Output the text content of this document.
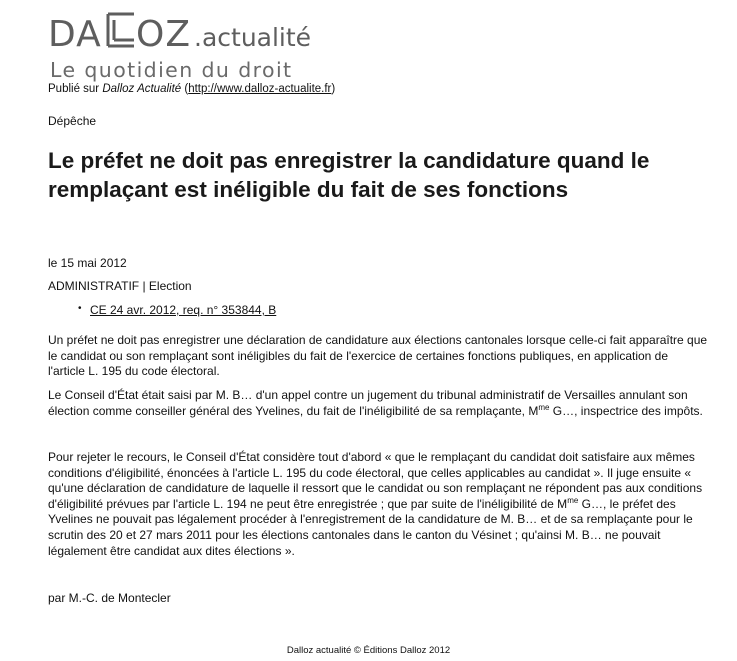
DA OZ .actualité
Le quotidien du droit
Publié sur Dalloz Actualité (http://www.dalloz-actualite.fr)
Dépêche
Le préfet ne doit pas enregistrer la candidature quand le remplaçant est inéligible du fait de ses fonctions
le 15 mai 2012
ADMINISTRATIF | Election
• CE 24 avr. 2012, req. n° 353844, B

Un préfet ne doit pas enregistrer une déclaration de candidature aux élections cantonales lorsque celle-ci fait apparaître que le candidat ou son remplaçant sont inéligibles du fait de l'exercice de certaines fonctions publiques, en application de l'article L. 195 du code électoral.

Le Conseil d'État était saisi par M. B… d'un appel contre un jugement du tribunal administratif de Versailles annulant son élection comme conseiller général des Yvelines, du fait de l'inéligibilité de sa remplaçante, $M^{me}$ G…, inspectrice des impôts.

Pour rejeter le recours, le Conseil d'État considère tout d'abord « que le remplaçant du candidat doit satisfaire aux mêmes conditions d'éligibilité, énoncées à l'article L. 195 du code électoral, que celles applicables au candidat ». Il juge ensuite « qu'une déclaration de candidature de laquelle il ressort que le candidat ou son remplaçant ne répondent pas aux conditions d'éligibilité prévues par l'article L. 194 ne peut être enregistrée ; que par suite de l'inéligibilité de $M^{me}$ G…, le préfet des Yvelines ne pouvait pas légalement procéder à l'enregistrement de la candidature de M. B… et de sa remplaçante pour le scrutin des 20 et 27 mars 2011 pour les élections cantonales dans le canton du Vésinet ; qu'ainsi M. B… ne pouvait légalement être candidat aux dites élections ».

par M.-C. de Montecler
Dalloz actualité © Éditions Dalloz 2012
